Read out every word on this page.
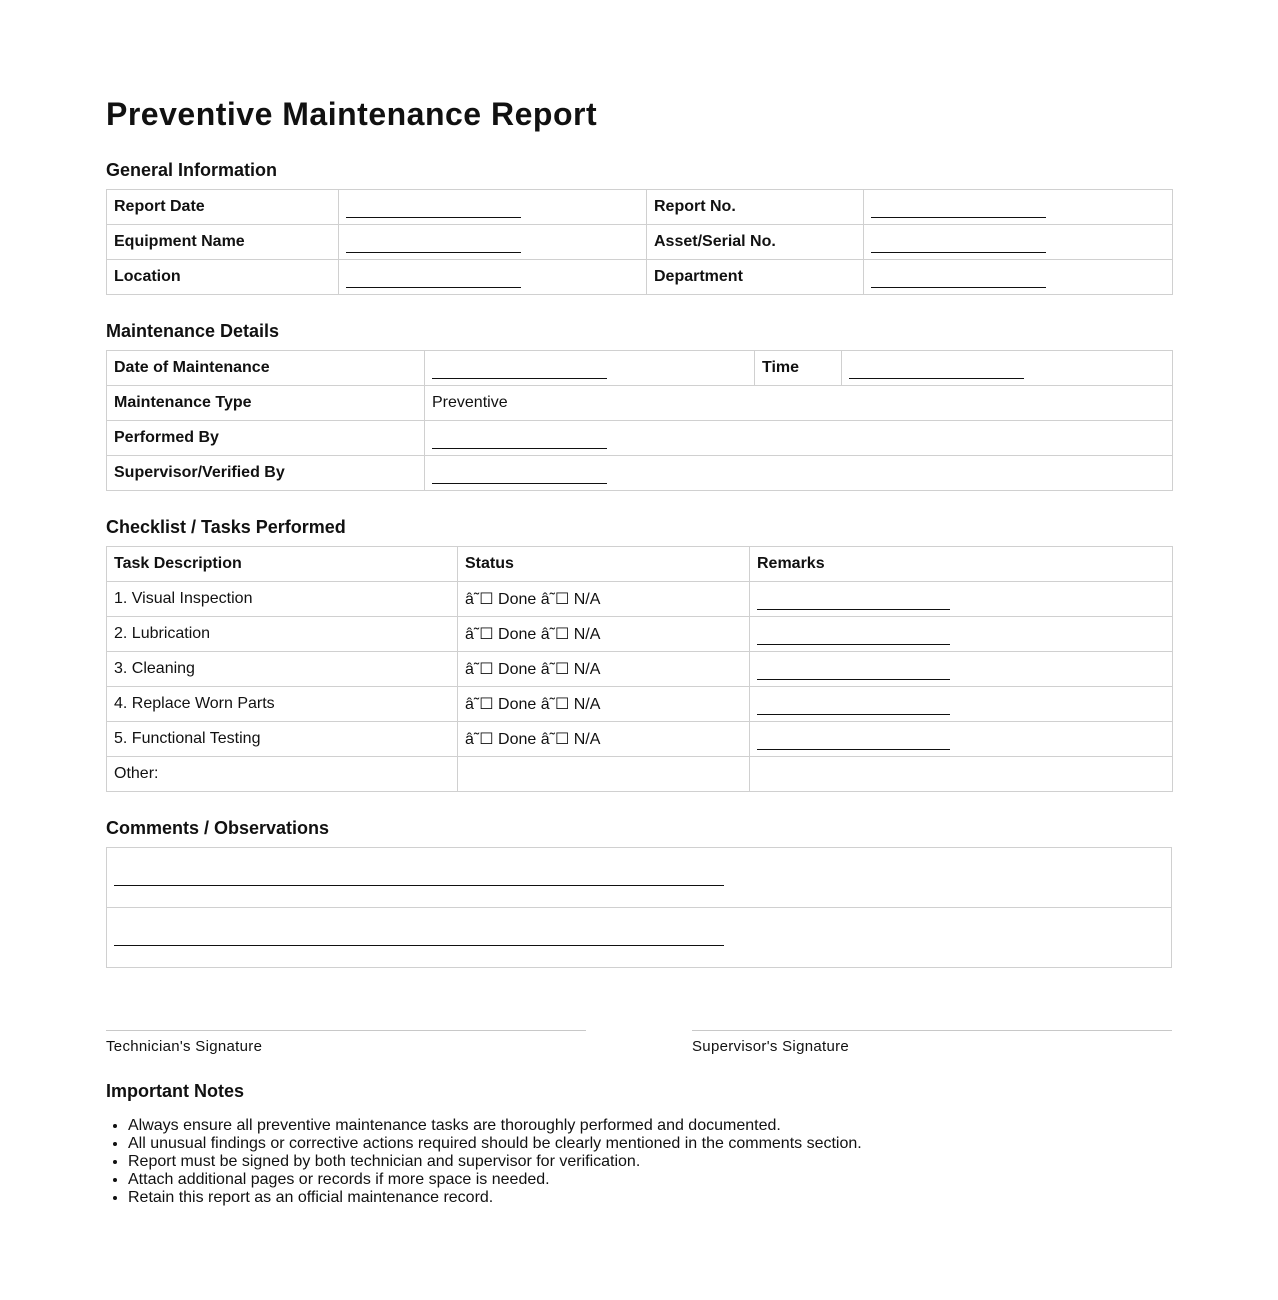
Preventive Maintenance Report
General Information
Report Date		Report No.	
Equipment Name		Asset/Serial No.	
Location		Department	
Maintenance Details
Date of Maintenance		Time	
Maintenance Type	Preventive		
Performed By			
Supervisor/Verified By			
Checklist / Tasks Performed
Task Description	Status	Remarks
1. Visual Inspection	â˜☐ Done â˜☐ N/A	
2. Lubrication	â˜☐ Done â˜☐ N/A	
3. Cleaning	â˜☐ Done â˜☐ N/A	
4. Replace Worn Parts	â˜☐ Done â˜☐ N/A	
5. Functional Testing	â˜☐ Done â˜☐ N/A	
Other:		
Comments / Observations

Technician's Signature	Supervisor's Signature
Important Notes
• Always ensure all preventive maintenance tasks are thoroughly performed and documented.
• All unusual findings or corrective actions required should be clearly mentioned in the comments section.
• Report must be signed by both technician and supervisor for verification.
• Attach additional pages or records if more space is needed.
• Retain this report as an official maintenance record.
